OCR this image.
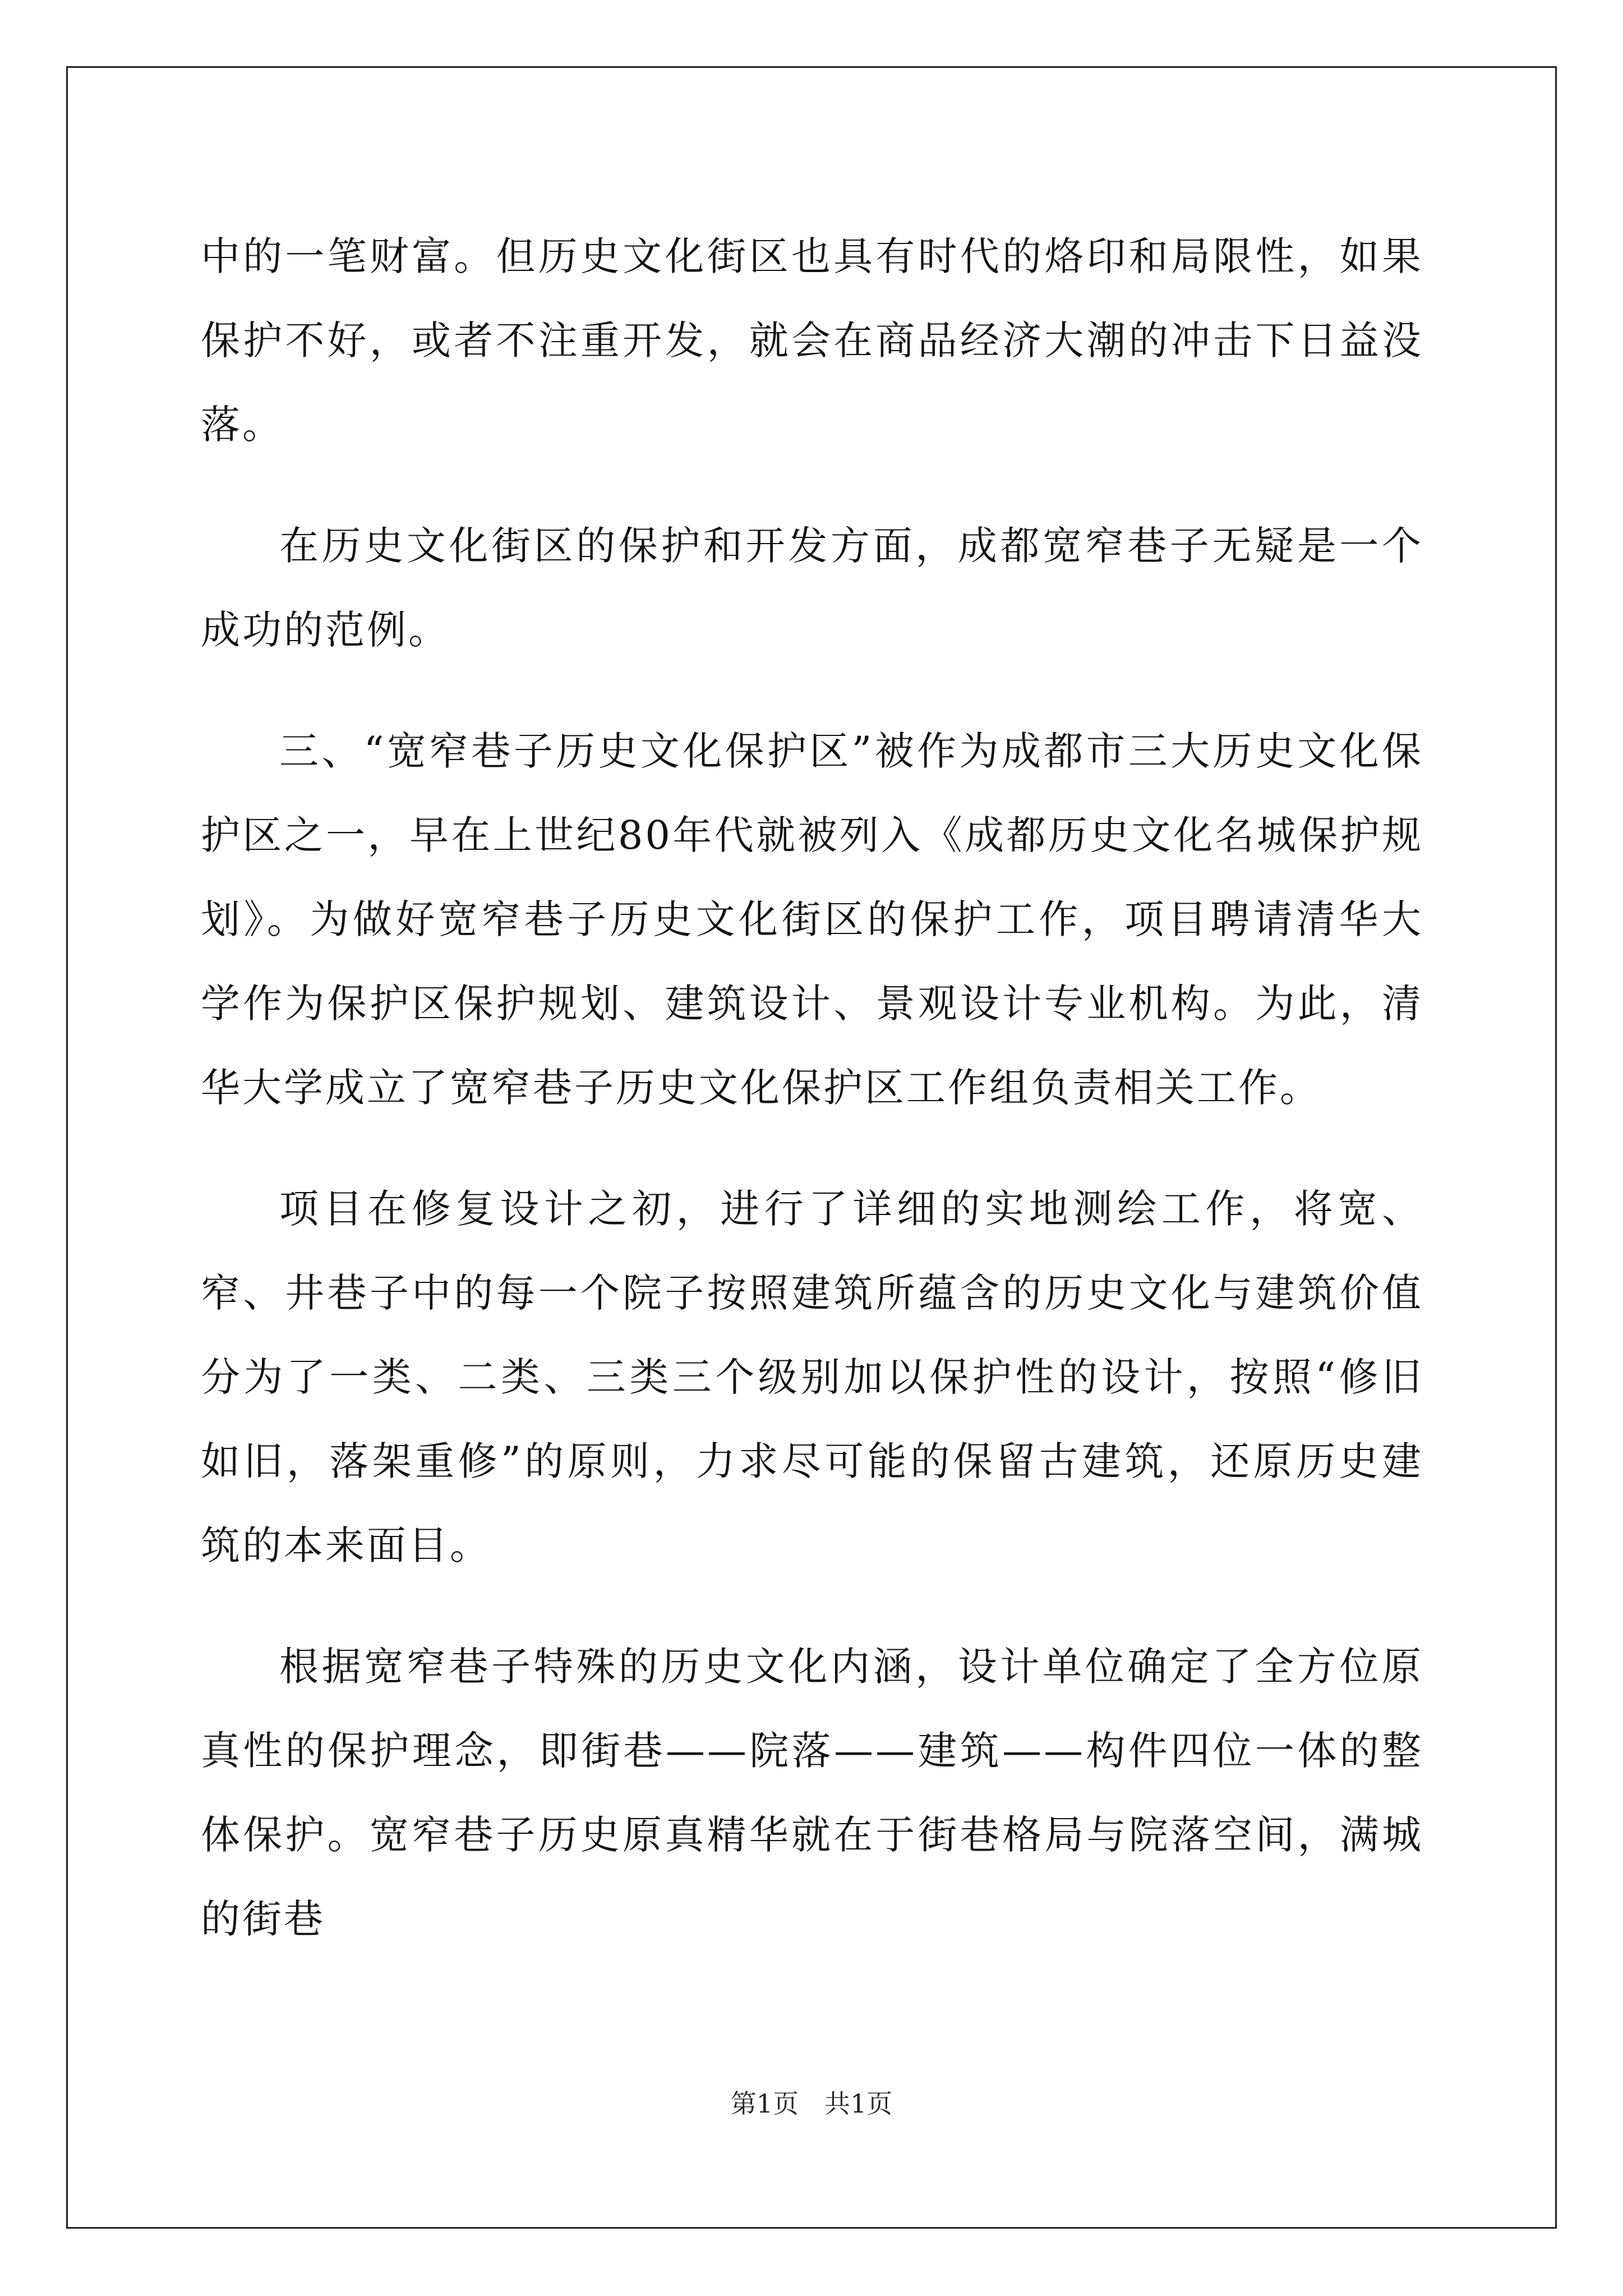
中的一笔财富。但历史文化街区也具有时代的烙印和局限性，如果保护不好，或者不注重开发，就会在商品经济大潮的冲击下日益没落。

在历史文化街区的保护和开发方面，成都宽窄巷子无疑是一个成功的范例。

三、“宽窄巷子历史文化保护区”被作为成都市三大历史文化保护区之一，早在上世纪80年代就被列入《成都历史文化名城保护规划》。为做好宽窄巷子历史文化街区的保护工作，项目聘请清华大学作为保护区保护规划、建筑设计、景观设计专业机构。为此，清华大学成立了宽窄巷子历史文化保护区工作组负责相关工作。

项目在修复设计之初，进行了详细的实地测绘工作，将宽、窄、井巷子中的每一个院子按照建筑所蕴含的历史文化与建筑价值分为了一类、二类、三类三个级别加以保护性的设计，按照“修旧如旧，落架重修”的原则，力求尽可能的保留古建筑，还原历史建筑的本来面目。

根据宽窄巷子特殊的历史文化内涵，设计单位确定了全方位原真性的保护理念，即街巷——院落——建筑——构件四位一体的整体保护。宽窄巷子历史原真精华就在于街巷格局与院落空间，满城的街巷

第1页　共1页
